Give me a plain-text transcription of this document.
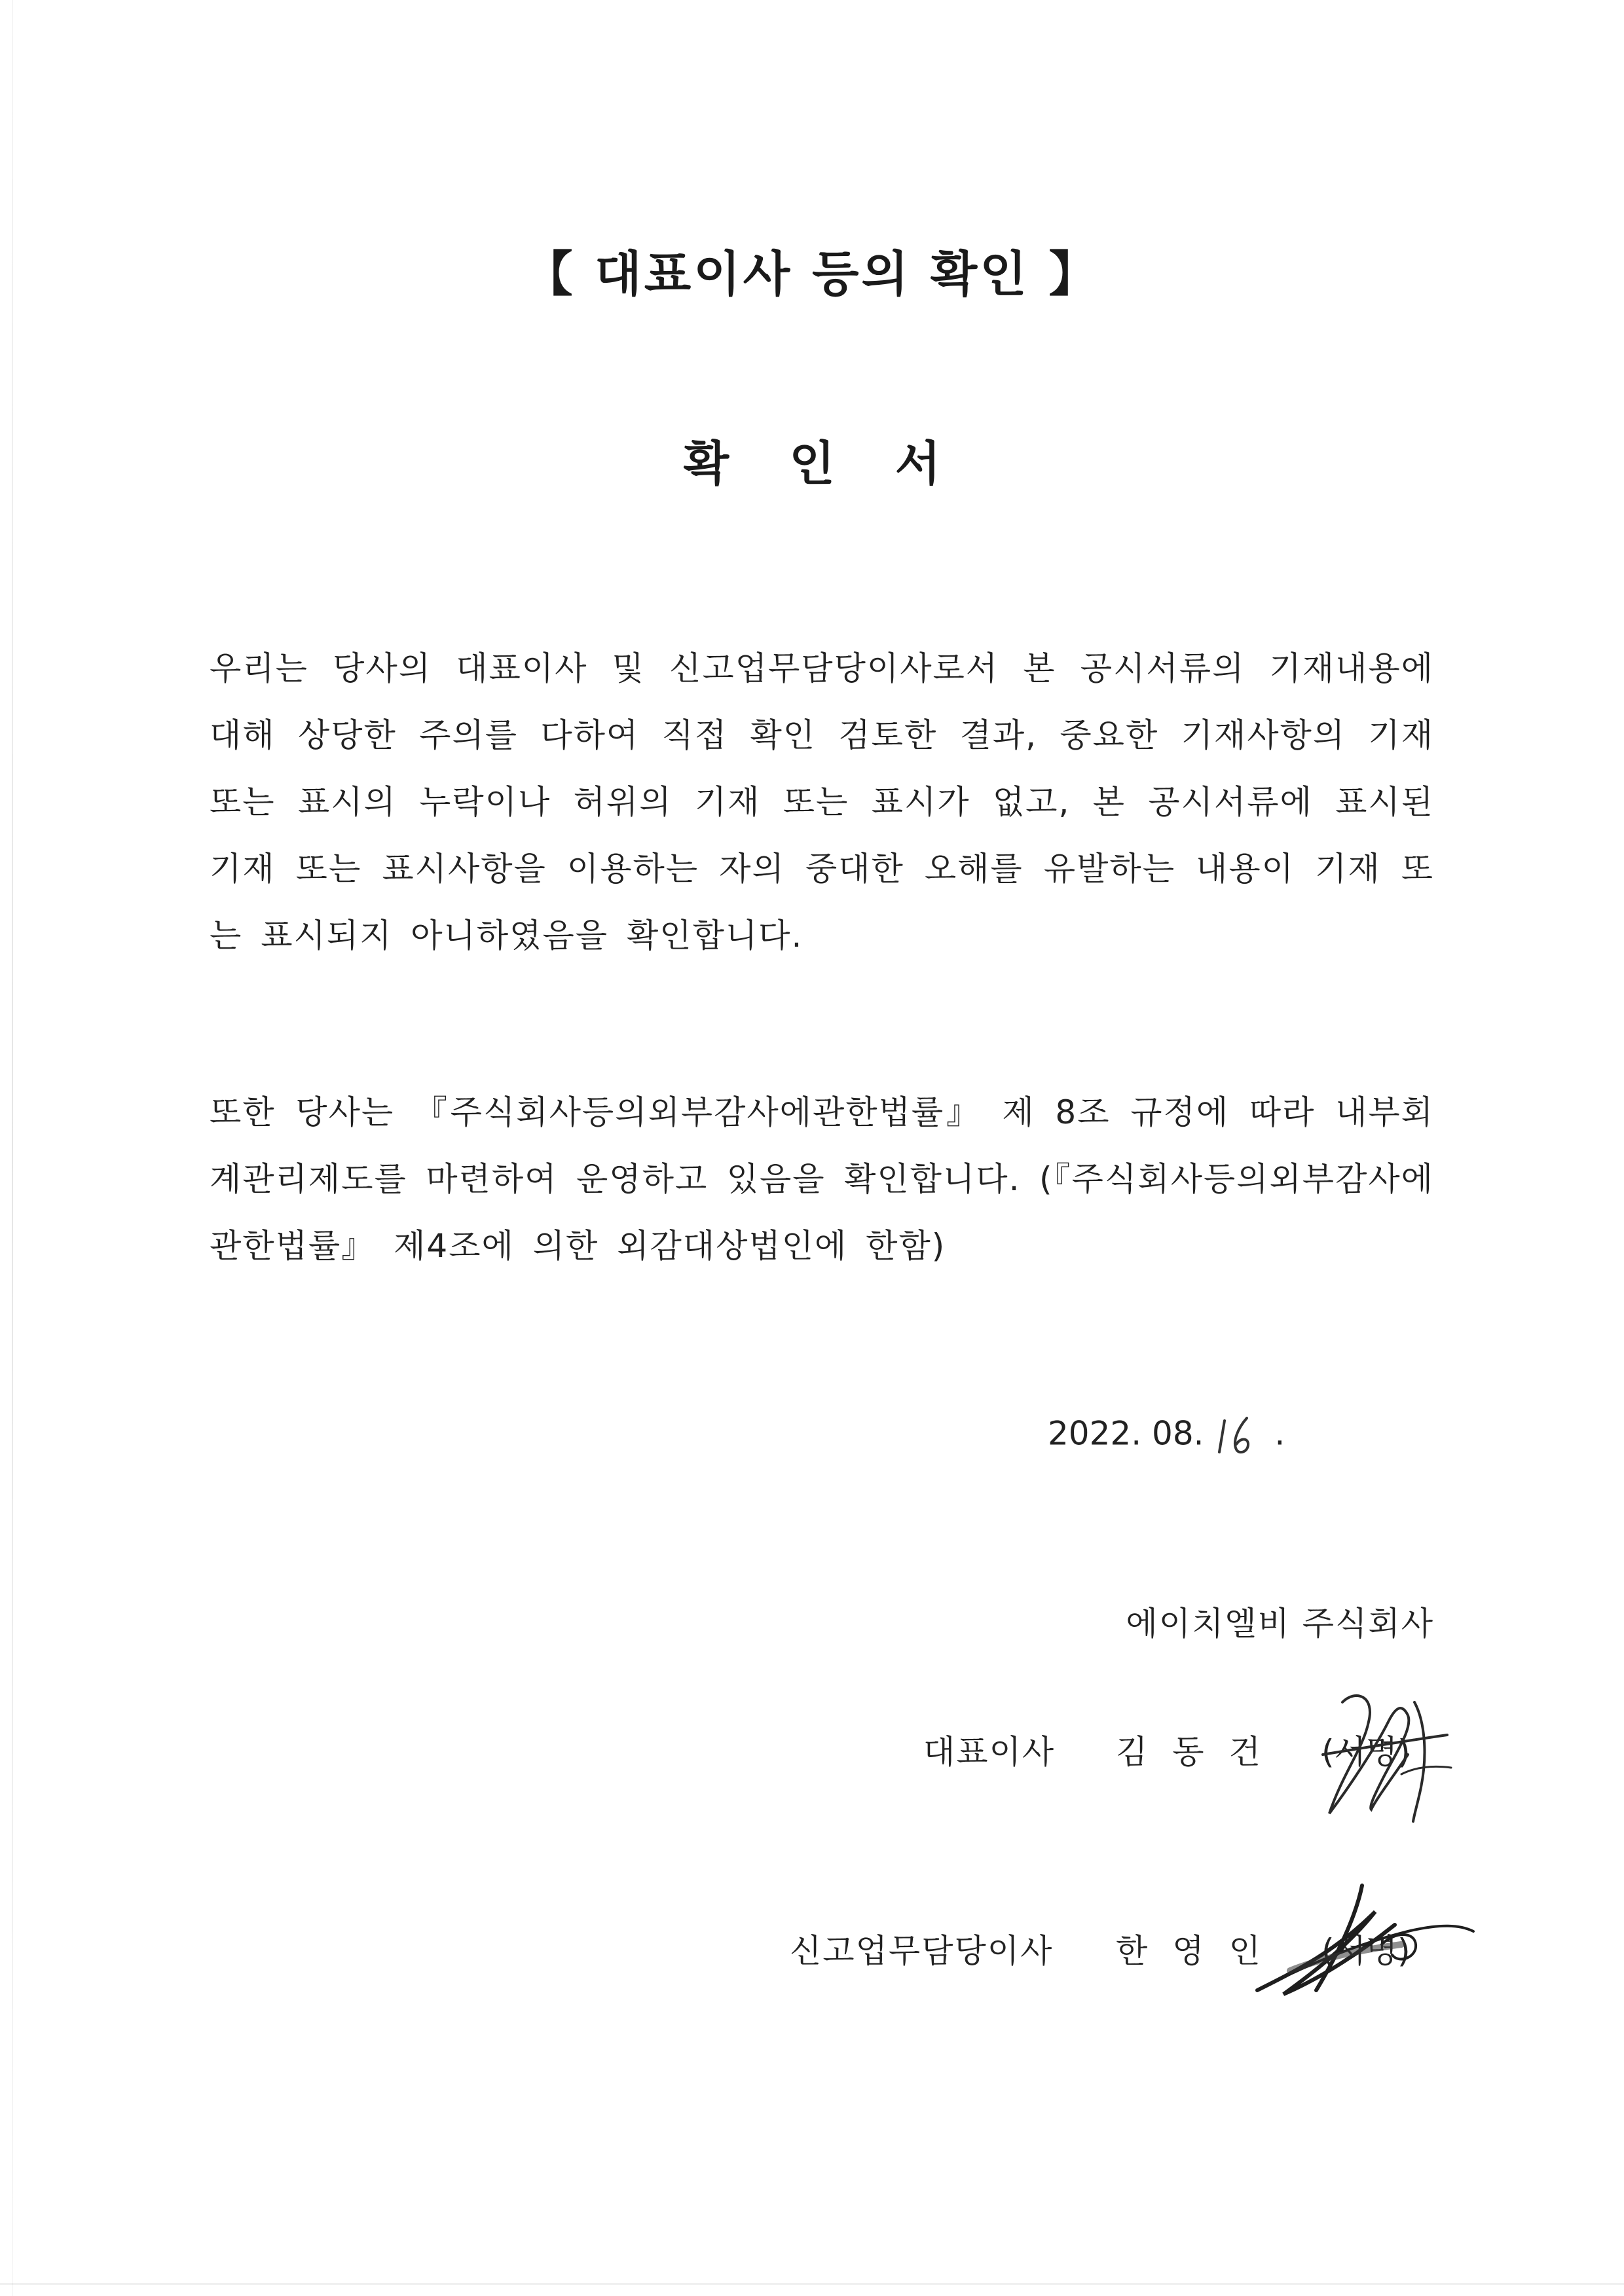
【 대표이사 등의 확인 】
확 인 서
우리는 당사의 대표이사 및 신고업무담당이사로서 본 공시서류의 기재내용에 대해 상당한 주의를 다하여 직접 확인 검토한 결과, 중요한 기재사항의 기재 또는 표시의 누락이나 허위의 기재 또는 표시가 없고, 본 공시서류에 표시된 기재 또는 표시사항을 이용하는 자의 중대한 오해를 유발하는 내용이 기재 또는 표시되지 아니하였음을 확인합니다.
또한 당사는 『주식회사등의외부감사에관한법률』 제 8조 규정에 따라 내부회계관리제도를 마련하여 운영하고 있음을 확인합니다. (『주식회사등의외부감사에관한법률』 제4조에 의한 외감대상법인에 한함)
2022. 08. .
에이치엘비 주식회사
대표이사 김동건 (서명)
신고업무담당이사 한영인 (서명)
